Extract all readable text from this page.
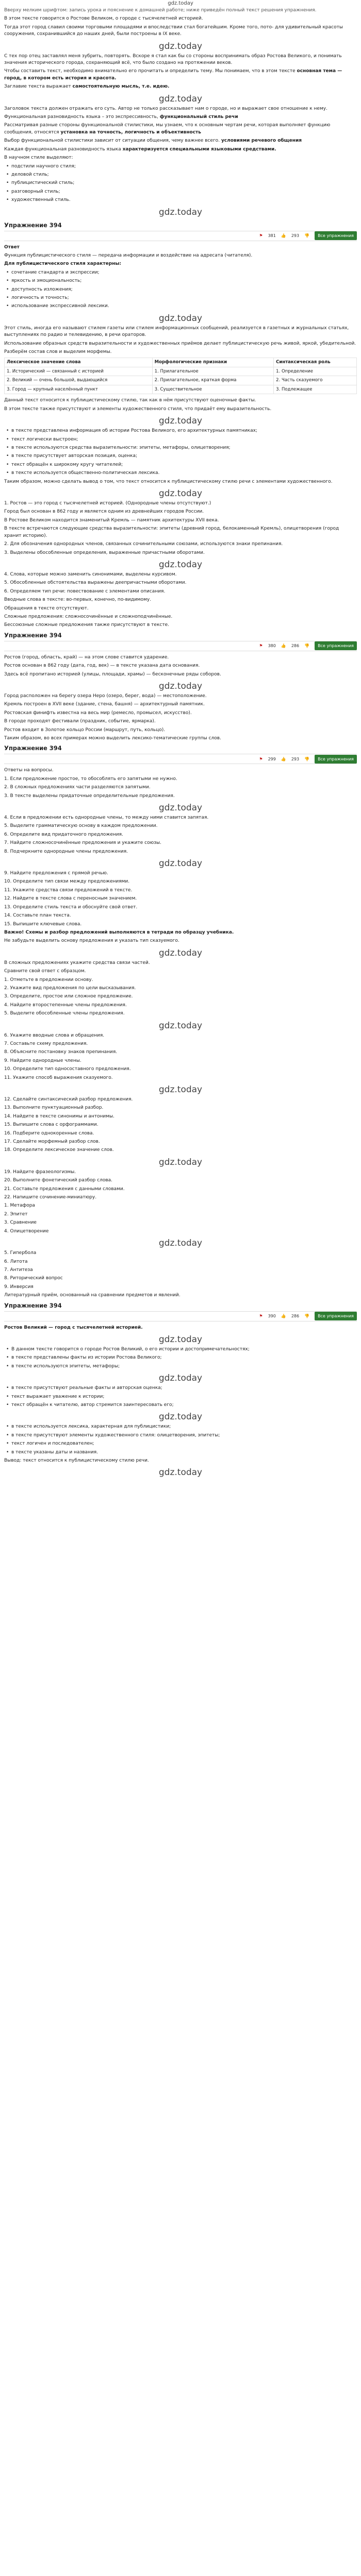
gdz.today
Вверху мелким шрифтом: запись урока и пояснение к домашней работе; ниже приведён полный текст решения упражнения.
В этом тексте говорится о Ростове Великом, о городе с тысячелетней историей.
Тогда этот город славил своими торговыми площадями и впоследствии стал богатейшим. Кроме того, пото- для удивительный красоты сооружения, сохранившийся до наших дней, были построены в IX веке.
gdz.today
С тех пор отец заставлял меня зубрить, повторять. Вскоре я стал как бы со стороны воспринимать образ Ростова Великого, и понимать значения исторического города, сохраняющий всё, что было создано на протяжении веков.
Чтобы составить текст, необходимо внимательно его прочитать и определить тему. Мы понимаем, что в этом тексте основная тема — город, в котором есть история и красота.
Заглавие текста выражает самостоятельную мысль, т.е. идею.
gdz.today
Заголовок текста должен отражать его суть. Автор не только рассказывает нам о городе, но и выражает свое отношение к нему.
Функциональная разновидность языка – это экспрессивность, функциональный стиль речи
Рассматривая разные стороны функциональной стилистики, мы узнаем, что к основным чертам речи, которая выполняет функцию сообщения, относятся установка на точность, логичность и объективность
Выбор функциональной стилистики зависит от ситуации общения, чему важнее всего. условиями речевого общения
Каждая функциональная разновидность языка характеризуется специальными языковыми средствами.
В научном стиле выделяют:
• подстили научного стиля;
• деловой стиль;
• публицистический стиль;
• разговорный стиль;
• художественный стиль.
gdz.today
Упражнение 394
⚑ 381 👍 293 👎	Все упражнения
Ответ
Функция публицистического стиля — передача информации и воздействие на адресата (читателя).
Для публицистического стиля характерны:
• сочетание стандарта и экспрессии;
• яркость и эмоциональность;
• доступность изложения;
• логичность и точность;
• использование экспрессивной лексики.
gdz.today
Этот стиль, иногда его называют стилем газеты или стилем информационных сообщений, реализуется в газетных и журнальных статьях, выступлениях по радио и телевидению, в речи ораторов.
Использование образных средств выразительности и художественных приёмов делает публицистическую речь живой, яркой, убедительной.
Разберём состав слов и выделим морфемы.
Лексическое значение слова	Морфологические признаки	Синтаксическая роль
1. Исторический — связанный с историей	1. Прилагательное	1. Определение
2. Великий — очень большой, выдающийся	2. Прилагательное, краткая форма	2. Часть сказуемого
3. Город — крупный населённый пункт	3. Существительное	3. Подлежащее
Данный текст относится к публицистическому стилю, так как в нём присутствуют оценочные факты.
В этом тексте также присутствуют и элементы художественного стиля, что придаёт ему выразительность.
gdz.today
• в тексте представлена информация об истории Ростова Великого, его архитектурных памятниках;
• текст логически выстроен;
• в тексте используются средства выразительности: эпитеты, метафоры, олицетворения;
• в тексте присутствует авторская позиция, оценка;
• текст обращён к широкому кругу читателей;
• в тексте используется общественно-политическая лексика.
Таким образом, можно сделать вывод о том, что текст относится к публицистическому стилю речи с элементами художественного.
gdz.today
1. Ростов — это город с тысячелетней историей. (Однородные члены отсутствуют.)
Город был основан в 862 году и является одним из древнейших городов России.
В Ростове Великом находится знаменитый Кремль — памятник архитектуры XVII века.
В тексте встречаются следующие средства выразительности: эпитеты (древний город, белокаменный Кремль), олицетворения (город хранит историю).
2. Для обозначения однородных членов, связанных сочинительными союзами, используются знаки препинания.
3. Выделены обособленные определения, выраженные причастными оборотами.
gdz.today
4. Слова, которые можно заменить синонимами, выделены курсивом.
5. Обособленные обстоятельства выражены деепричастными оборотами.
6. Определяем тип речи: повествование с элементами описания.
Вводные слова в тексте: во-первых, конечно, по-видимому.
Обращения в тексте отсутствуют.
Сложные предложения: сложносочинённые и сложноподчинённые.
Бессоюзные сложные предложения также присутствуют в тексте.
Упражнение 394
⚑ 380 👍 286 👎	Все упражнения
Ростов (город, область, край) — на этом слове ставится ударение.
Ростов основан в 862 году (дата, год, век) — в тексте указана дата основания.
Здесь всё пропитано историей (улицы, площади, храмы) — бесконечные ряды соборов.
gdz.today
Город расположен на берегу озера Неро (озеро, берег, вода) — местоположение.
Кремль построен в XVII веке (здание, стена, башня) — архитектурный памятник.
Ростовская финифть известна на весь мир (ремесло, промысел, искусство).
В городе проходят фестивали (праздник, событие, ярмарка).
Ростов входит в Золотое кольцо России (маршрут, путь, кольцо).
Таким образом, во всех примерах можно выделить лексико-тематические группы слов.
Упражнение 394
⚑ 299 👍 293 👎	Все упражнения
Ответы на вопросы.
1. Если предложение простое, то обособлять его запятыми не нужно.
2. В сложных предложениях части разделяются запятыми.
3. В тексте выделены придаточные определительные предложения.
gdz.today
4. Если в предложении есть однородные члены, то между ними ставится запятая.
5. Выделите грамматическую основу в каждом предложении.
6. Определите вид придаточного предложения.
7. Найдите сложносочинённые предложения и укажите союзы.
8. Подчеркните однородные члены предложения.
gdz.today
9. Найдите предложения с прямой речью.
10. Определите тип связи между предложениями.
11. Укажите средства связи предложений в тексте.
12. Найдите в тексте слова с переносным значением.
13. Определите стиль текста и обоснуйте свой ответ.
14. Составьте план текста.
15. Выпишите ключевые слова.
Важно! Схемы и разбор предложений выполняются в тетради по образцу учебника.
Не забудьте выделить основу предложения и указать тип сказуемого.
gdz.today
В сложных предложениях укажите средства связи частей.
Сравните свой ответ с образцом.
1. Отметьте в предложении основу.
2. Укажите вид предложения по цели высказывания.
3. Определите, простое или сложное предложение.
4. Найдите второстепенные члены предложения.
5. Выделите обособленные члены предложения.
gdz.today
6. Укажите вводные слова и обращения.
7. Составьте схему предложения.
8. Объясните постановку знаков препинания.
9. Найдите однородные члены.
10. Определите тип односоставного предложения.
11. Укажите способ выражения сказуемого.
gdz.today
12. Сделайте синтаксический разбор предложения.
13. Выполните пунктуационный разбор.
14. Найдите в тексте синонимы и антонимы.
15. Выпишите слова с орфограммами.
16. Подберите однокоренные слова.
17. Сделайте морфемный разбор слов.
18. Определите лексическое значение слов.
gdz.today
19. Найдите фразеологизмы.
20. Выполните фонетический разбор слова.
21. Составьте предложения с данными словами.
22. Напишите сочинение-миниатюру.
1. Метафора
2. Эпитет
3. Сравнение
4. Олицетворение
gdz.today
5. Гипербола
6. Литота
7. Антитеза
8. Риторический вопрос
9. Инверсия
Литературный приём, основанный на сравнении предметов и явлений.
Упражнение 394
⚑ 390 👍 286 👎	Все упражнения
Ростов Великий — город с тысячелетней историей.
gdz.today
• В данном тексте говорится о городе Ростов Великий, о его истории и достопримечательностях;
• в тексте представлены факты из истории Ростова Великого;
• в тексте используются эпитеты, метафоры;
gdz.today
• в тексте присутствуют реальные факты и авторская оценка;
• текст выражает уважение к истории;
• текст обращён к читателю, автор стремится заинтересовать его;
gdz.today
• в тексте используется лексика, характерная для публицистики;
• в тексте присутствуют элементы художественного стиля: олицетворения, эпитеты;
• текст логичен и последователен;
• в тексте указаны даты и названия.
Вывод: текст относится к публицистическому стилю речи.
gdz.today
